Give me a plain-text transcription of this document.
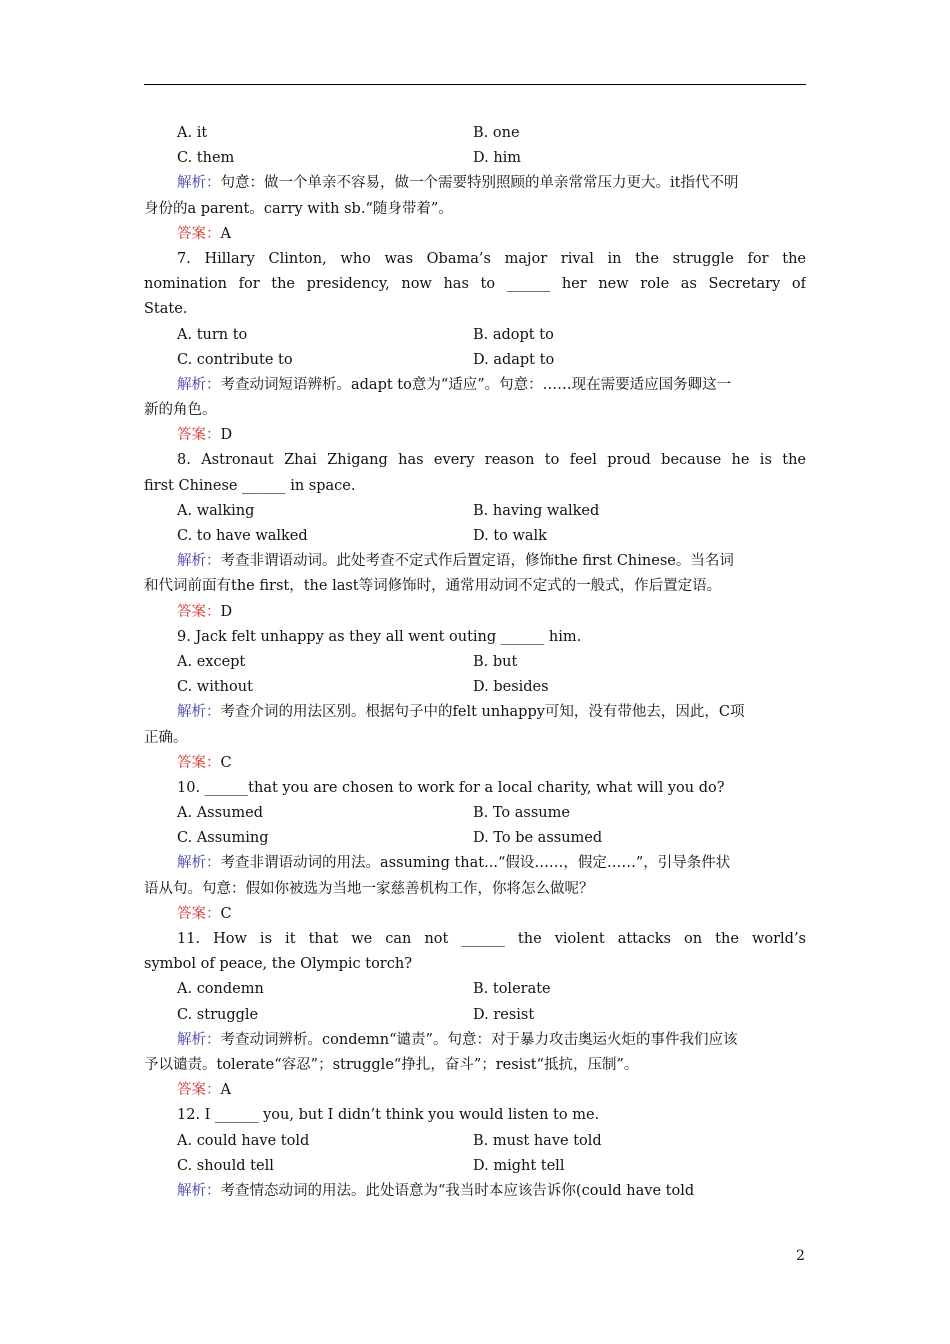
A. it	B. one
C. them	D. him
解析：句意：做一个单亲不容易，做一个需要特别照顾的单亲常常压力更大。it指代不明
身份的a parent。carry with sb.“随身带着”。
答案：A
7. Hillary Clinton, who was Obama’s major rival in the struggle for the
nomination for the presidency, now has to ______ her new role as Secretary of
State.
A. turn to	B. adopt to
C. contribute to	D. adapt to
解析：考查动词短语辨析。adapt to意为“适应”。句意：……现在需要适应国务卿这一
新的角色。
答案：D
8. Astronaut Zhai Zhigang has every reason to feel proud because he is the
first Chinese ______ in space.
A. walking	B. having walked
C. to have walked	D. to walk
解析：考查非谓语动词。此处考查不定式作后置定语，修饰the first Chinese。当名词
和代词前面有the first，the last等词修饰时，通常用动词不定式的一般式，作后置定语。
答案：D
9. Jack felt unhappy as they all went outing ______ him.
A. except	B. but
C. without	D. besides
解析：考查介词的用法区别。根据句子中的felt unhappy可知，没有带他去，因此，C项
正确。
答案：C
10. ______that you are chosen to work for a local charity, what will you do?
A. Assumed	B. To assume
C. Assuming	D. To be assumed
解析：考查非谓语动词的用法。assuming that...“假设……，假定……”，引导条件状
语从句。句意：假如你被选为当地一家慈善机构工作，你将怎么做呢？
答案：C
11. How is it that we can not ______ the violent attacks on the world’s
symbol of peace, the Olympic torch?
A. condemn	B. tolerate
C. struggle	D. resist
解析：考查动词辨析。condemn“谴责”。句意：对于暴力攻击奥运火炬的事件我们应该
予以谴责。tolerate“容忍”；struggle“挣扎，奋斗”；resist“抵抗，压制”。
答案：A
12. I ______ you, but I didn’t think you would listen to me.
A. could have told	B. must have told
C. should tell	D. might tell
解析：考查情态动词的用法。此处语意为“我当时本应该告诉你(could have told
2
